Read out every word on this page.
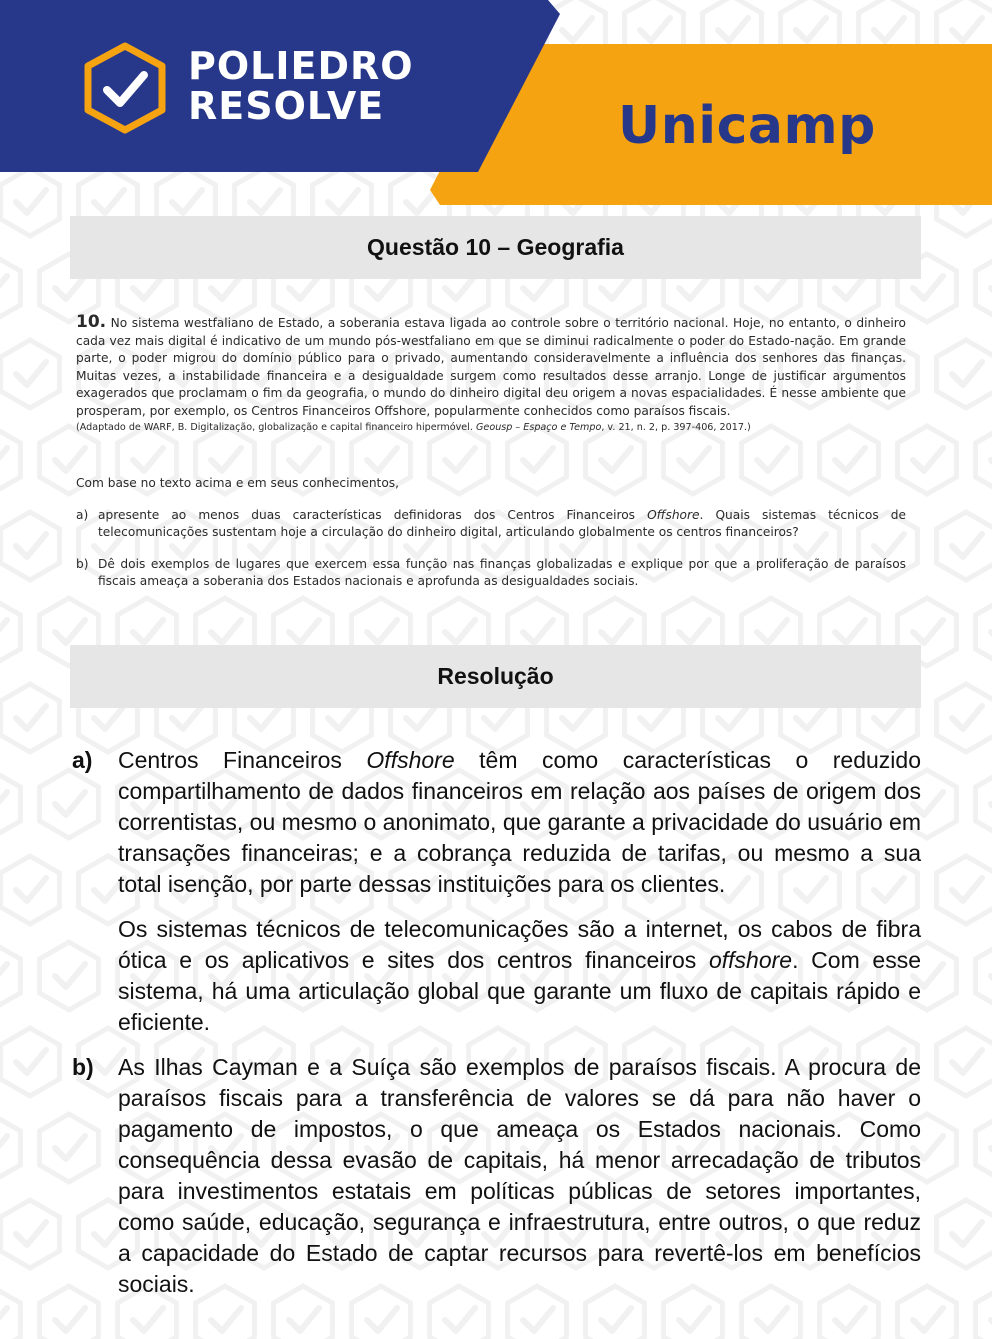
POLIEDRO
RESOLVE	Unicamp
Questão 10 – Geografia
10. No sistema westfaliano de Estado, a soberania estava ligada ao controle sobre o território nacional. Hoje, no entanto, o dinheiro cada vez mais digital é indicativo de um mundo pós-westfaliano em que se diminui radicalmente o poder do Estado-nação. Em grande parte, o poder migrou do domínio público para o privado, aumentando consideravelmente a influência dos senhores das finanças. Muitas vezes, a instabilidade financeira e a desigualdade surgem como resultados desse arranjo. Longe de justificar argumentos exagerados que proclamam o fim da geografia, o mundo do dinheiro digital deu origem a novas espacialidades. É nesse ambiente que prosperam, por exemplo, os Centros Financeiros Offshore, popularmente conhecidos como paraísos fiscais.
(Adaptado de WARF, B. Digitalização, globalização e capital financeiro hipermóvel. Geousp – Espaço e Tempo, v. 21, n. 2, p. 397-406, 2017.)
Com base no texto acima e em seus conhecimentos,
a) apresente ao menos duas características definidoras dos Centros Financeiros Offshore. Quais sistemas técnicos de telecomunicações sustentam hoje a circulação do dinheiro digital, articulando globalmente os centros financeiros?
b) Dê dois exemplos de lugares que exercem essa função nas finanças globalizadas e explique por que a proliferação de paraísos fiscais ameaça a soberania dos Estados nacionais e aprofunda as desigualdades sociais.
Resolução
a)	Centros Financeiros Offshore têm como características o reduzido compartilhamento de dados financeiros em relação aos países de origem dos correntistas, ou mesmo o anonimato, que garante a privacidade do usuário em transações financeiras; e a cobrança reduzida de tarifas, ou mesmo a sua total isenção, por parte dessas instituições para os clientes.

Os sistemas técnicos de telecomunicações são a internet, os cabos de fibra ótica e os aplicativos e sites dos centros financeiros offshore. Com esse sistema, há uma articulação global que garante um fluxo de capitais rápido e eficiente.

b)	As Ilhas Cayman e a Suíça são exemplos de paraísos fiscais. A procura de paraísos fiscais para a transferência de valores se dá para não haver o pagamento de impostos, o que ameaça os Estados nacionais. Como consequência dessa evasão de capitais, há menor arrecadação de tributos para investimentos estatais em políticas públicas de setores importantes, como saúde, educação, segurança e infraestrutura, entre outros, o que reduz a capacidade do Estado de captar recursos para revertê-los em benefícios sociais.
